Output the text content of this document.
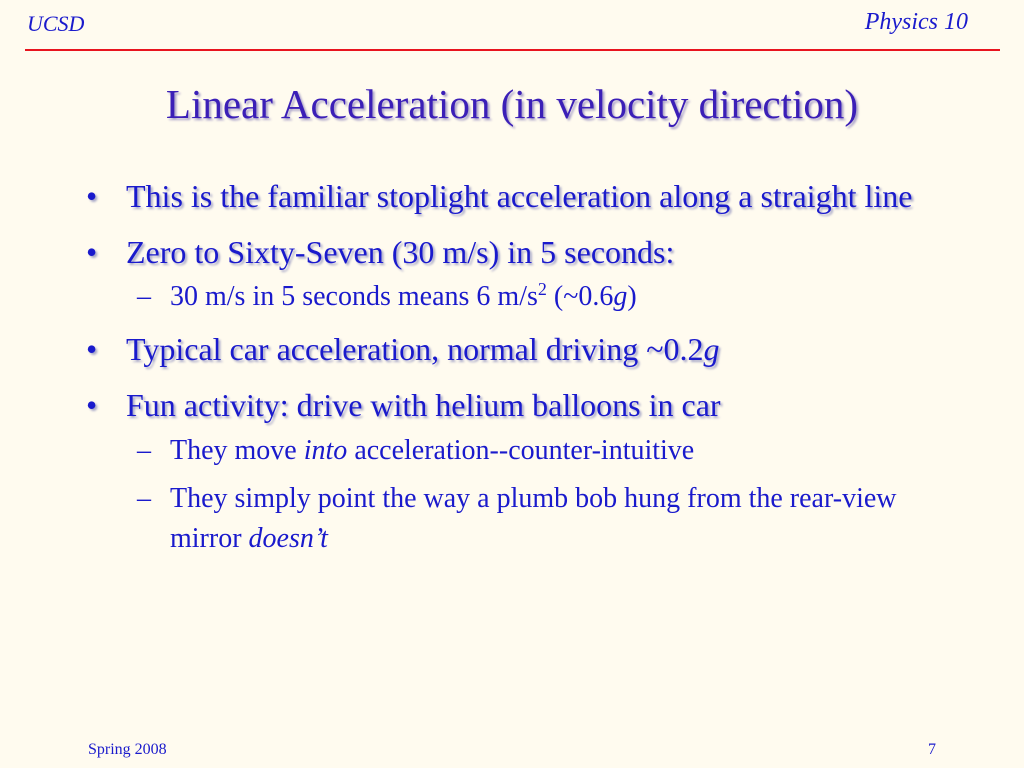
UCSD	Physics 10
Linear Acceleration (in velocity direction)
• This is the familiar stoplight acceleration along a straight line
• Zero to Sixty-Seven (30 m/s) in 5 seconds:
– 30 m/s in 5 seconds means 6 $m/s^2$ (~0.6g)
• Typical car acceleration, normal driving ~0.2g
• Fun activity: drive with helium balloons in car
– They move into acceleration--counter-intuitive
– They simply point the way a plumb bob hung from the rear-view mirror doesn’t
Spring 2008	7
